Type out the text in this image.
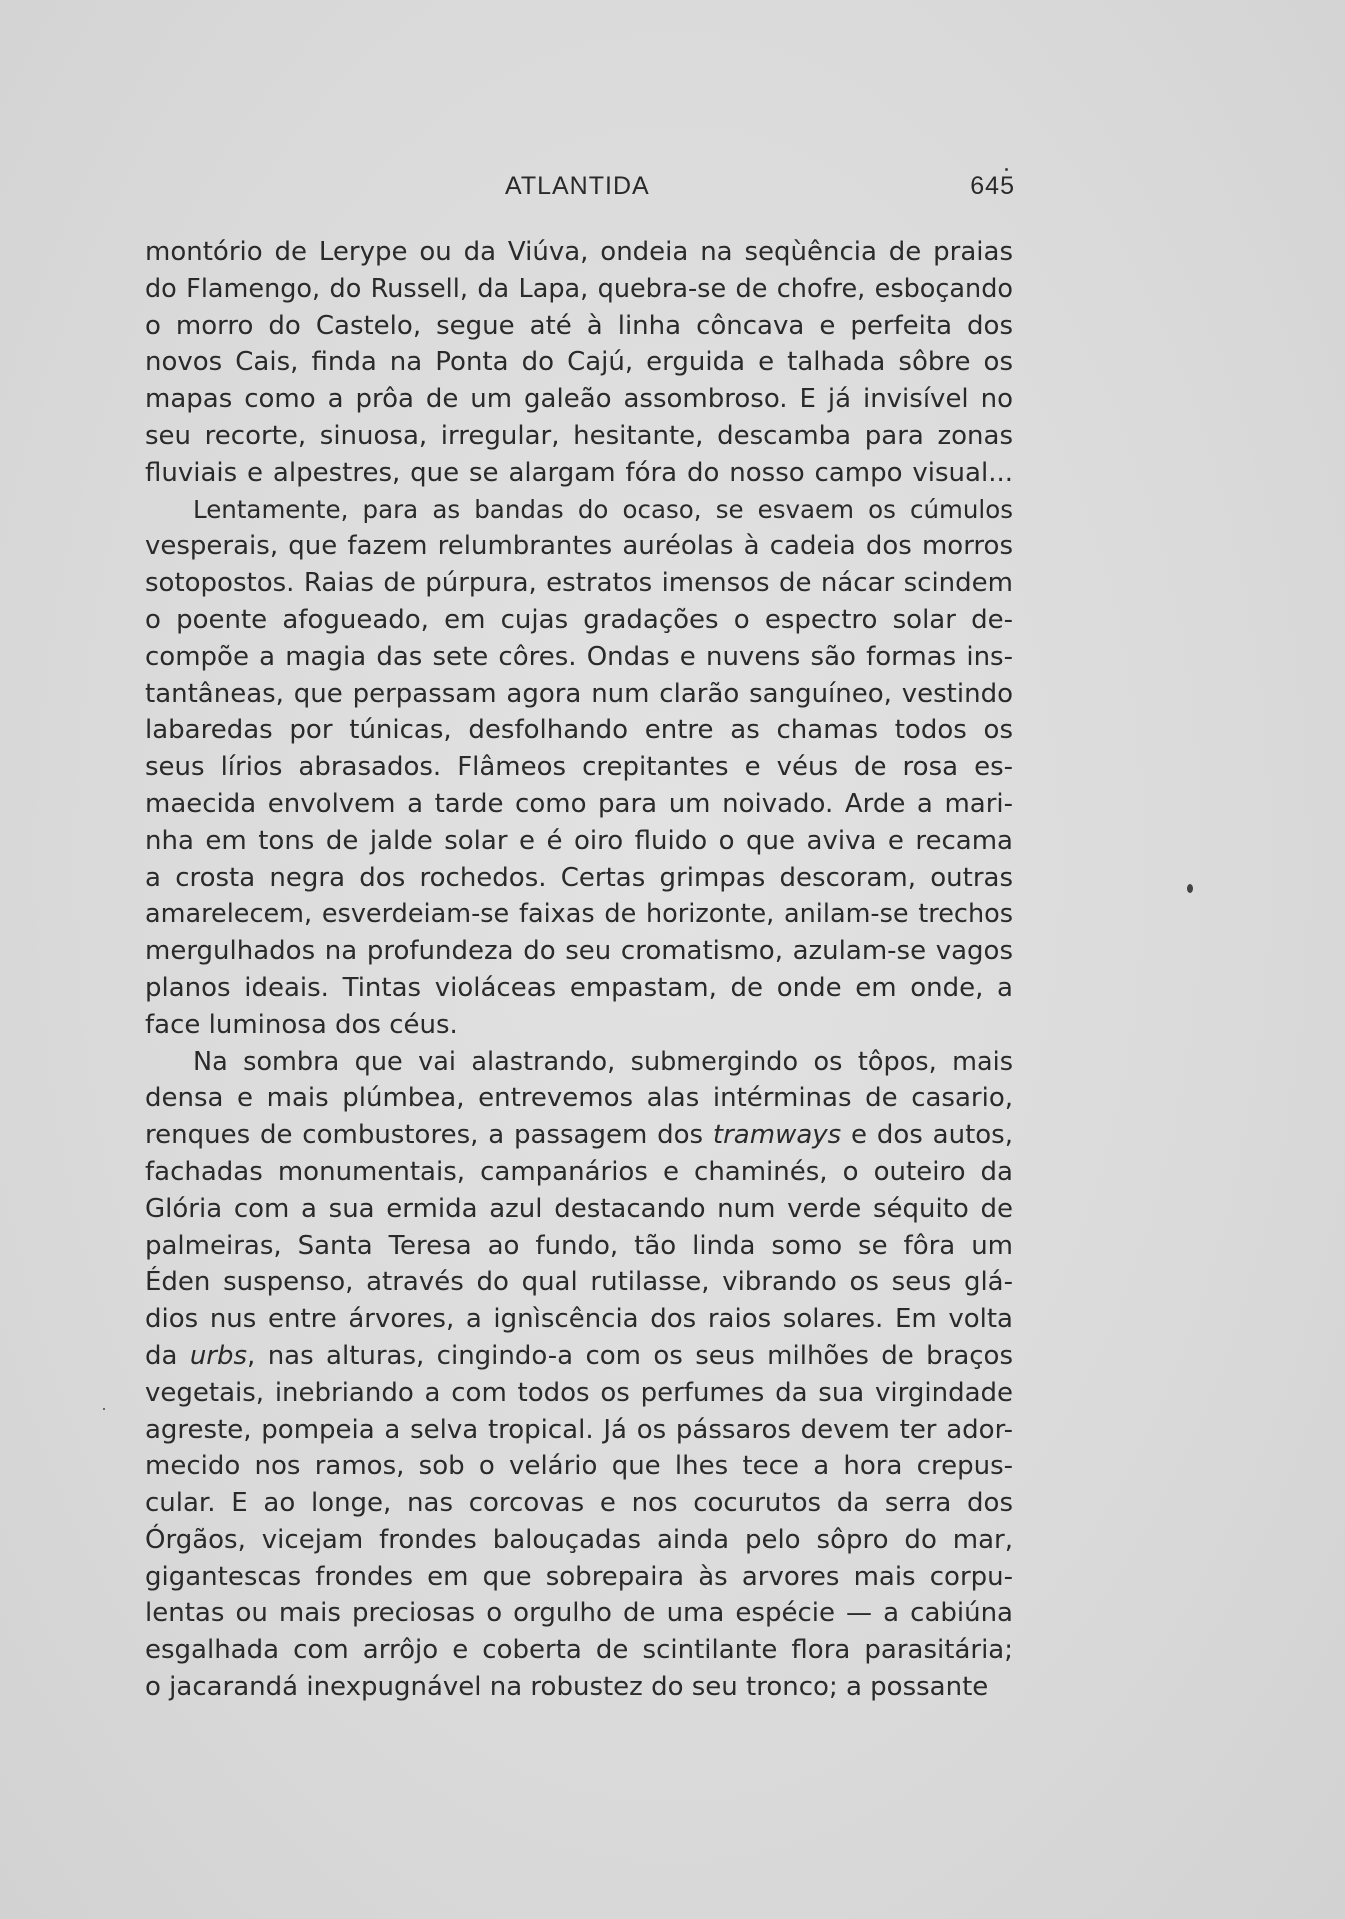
ATLANTIDA	645
montório de Lerype ou da Viúva, ondeia na seqùência de praias
do Flamengo, do Russell, da Lapa, quebra-se de chofre, esboçando
o morro do Castelo, segue até à linha côncava e perfeita dos
novos Cais, finda na Ponta do Cajú, erguida e talhada sôbre os
mapas como a prôa de um galeão assombroso. E já invisível no
seu recorte, sinuosa, irregular, hesitante, descamba para zonas
fluviais e alpestres, que se alargam fóra do nosso campo visual...
Lentamente, para as bandas do ocaso, se esvaem os cúmulos
vesperais, que fazem relumbrantes auréolas à cadeia dos morros
sotopostos. Raias de púrpura, estratos imensos de nácar scindem
o poente afogueado, em cujas gradações o espectro solar de-
compõe a magia das sete côres. Ondas e nuvens são formas ins-
tantâneas, que perpassam agora num clarão sanguíneo, vestindo
labaredas por túnicas, desfolhando entre as chamas todos os
seus lírios abrasados. Flâmeos crepitantes e véus de rosa es-
maecida envolvem a tarde como para um noivado. Arde a mari-
nha em tons de jalde solar e é oiro fluido o que aviva e recama
a crosta negra dos rochedos. Certas grimpas descoram, outras
amarelecem, esverdeiam-se faixas de horizonte, anilam-se trechos
mergulhados na profundeza do seu cromatismo, azulam-se vagos
planos ideais. Tintas violáceas empastam, de onde em onde, a
face luminosa dos céus.
Na sombra que vai alastrando, submergindo os tôpos, mais
densa e mais plúmbea, entrevemos alas intérminas de casario,
renques de combustores, a passagem dos tramways e dos autos,
fachadas monumentais, campanários e chaminés, o outeiro da
Glória com a sua ermida azul destacando num verde séquito de
palmeiras, Santa Teresa ao fundo, tão linda somo se fôra um
Éden suspenso, através do qual rutilasse, vibrando os seus glá-
dios nus entre árvores, a ignìscência dos raios solares. Em volta
da urbs, nas alturas, cingindo-a com os seus milhões de braços
vegetais, inebriando a com todos os perfumes da sua virgindade
agreste, pompeia a selva tropical. Já os pássaros devem ter ador-
mecido nos ramos, sob o velário que lhes tece a hora crepus-
cular. E ao longe, nas corcovas e nos cocurutos da serra dos
Órgãos, vicejam frondes balouçadas ainda pelo sôpro do mar,
gigantescas frondes em que sobrepaira às arvores mais corpu-
lentas ou mais preciosas o orgulho de uma espécie — a cabiúna
esgalhada com arrôjo e coberta de scintilante flora parasitária;
o jacarandá inexpugnável na robustez do seu tronco; a possante
